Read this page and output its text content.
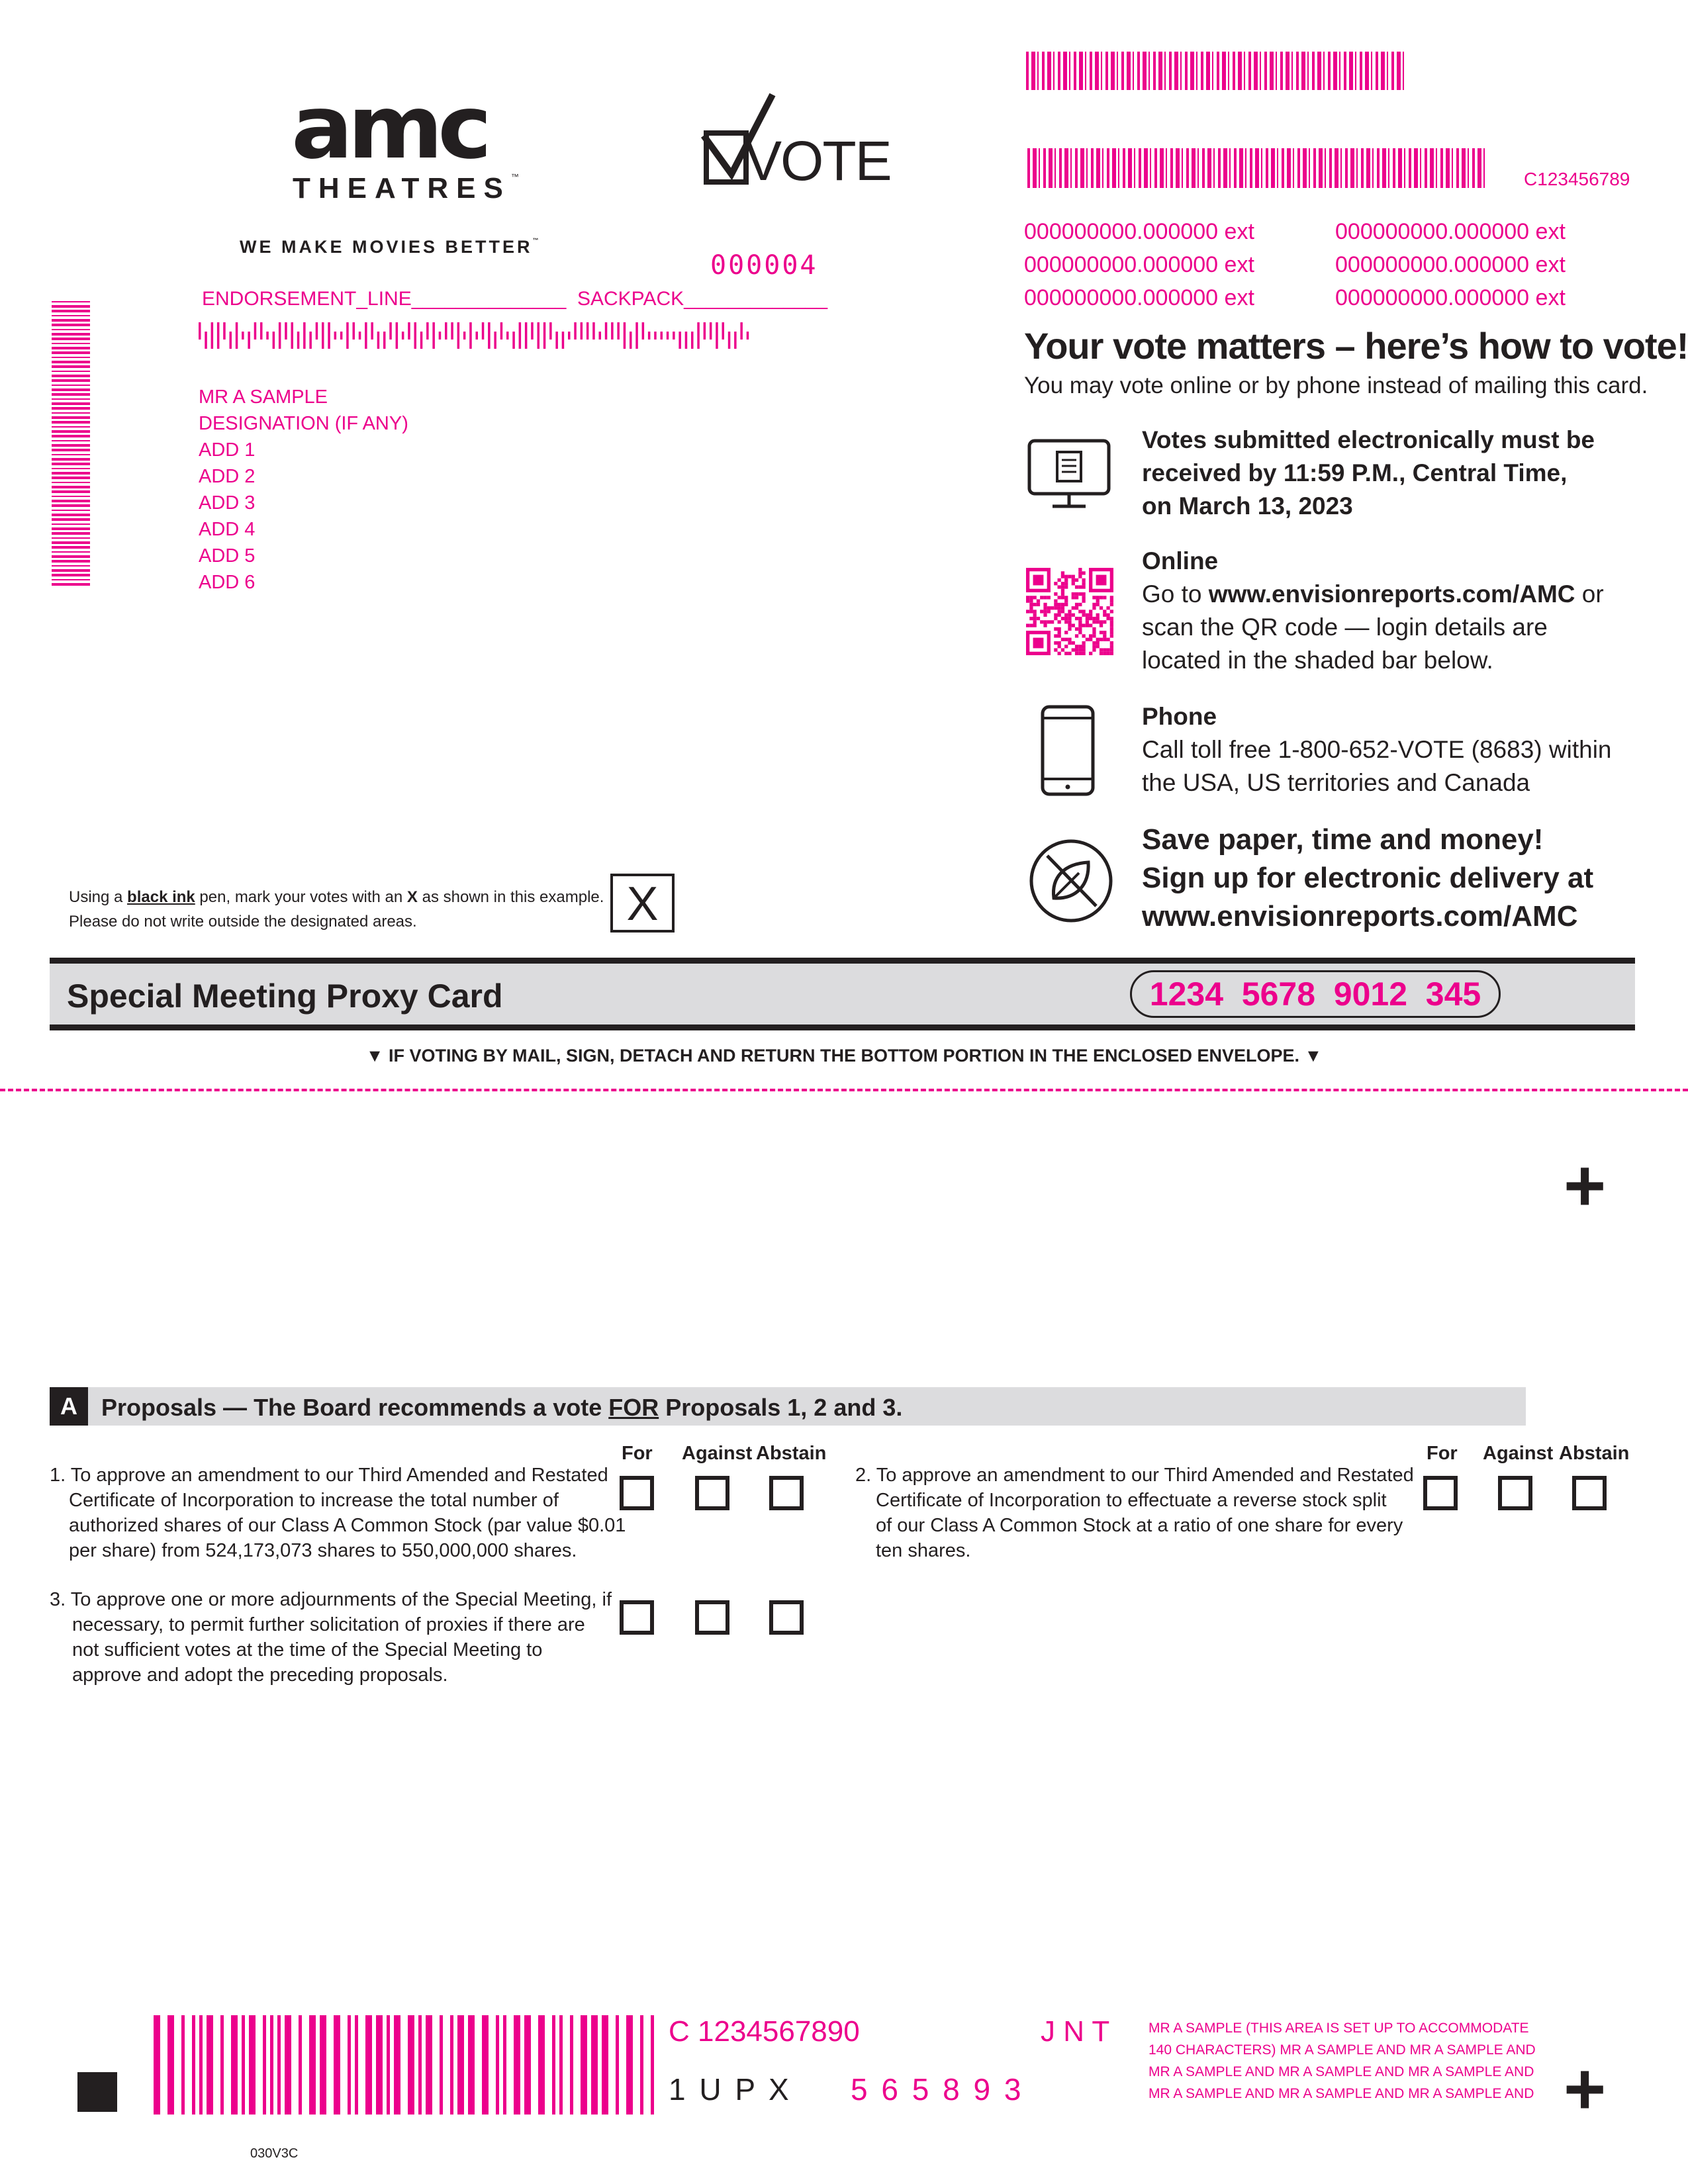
amc
THEATRES™
WE MAKE MOVIES BETTER™
VOTE
000004
ENDORSEMENT_LINE______________  SACKPACK_____________
MR A SAMPLE
DESIGNATION (IF ANY)
ADD 1
ADD 2
ADD 3
ADD 4
ADD 5
ADD 6
C123456789
000000000.000000 ext
000000000.000000 ext
000000000.000000 ext
000000000.000000 ext
000000000.000000 ext
000000000.000000 ext
Your vote matters – here’s how to vote!
You may vote online or by phone instead of mailing this card.
Votes submitted electronically must be
received by 11:59 P.M., Central Time,
on March 13, 2023
Online
Go to www.envisionreports.com/AMC or
scan the QR code — login details are
located in the shaded bar below.
Phone
Call toll free 1-800-652-VOTE (8683) within
the USA, US territories and Canada
Save paper, time and money!
Sign up for electronic delivery at
www.envisionreports.com/AMC
Using a black ink pen, mark your votes with an X as shown in this example.
Please do not write outside the designated areas.	X
Special Meeting Proxy Card	1234  5678  9012  345
▼ IF VOTING BY MAIL, SIGN, DETACH AND RETURN THE BOTTOM PORTION IN THE ENCLOSED ENVELOPE. ▼
+
A	Proposals — The Board recommends a vote FOR Proposals 1, 2 and 3.
For Against Abstain	For Against Abstain
1. To approve an amendment to our Third Amended and Restated
Certificate of Incorporation to increase the total number of
authorized shares of our Class A Common Stock (par value $0.01
per share) from 524,173,073 shares to 550,000,000 shares.
2. To approve an amendment to our Third Amended and Restated
Certificate of Incorporation to effectuate a reverse stock split
of our Class A Common Stock at a ratio of one share for every
ten shares.
3. To approve one or more adjournments of the Special Meeting, if
necessary, to permit further solicitation of proxies if there are
not sufficient votes at the time of the Special Meeting to
approve and adopt the preceding proposals.
C 1234567890	J N T
1 U P X 5 6 5 8 9 3
MR A SAMPLE (THIS AREA IS SET UP TO ACCOMMODATE
140 CHARACTERS) MR A SAMPLE AND MR A SAMPLE AND
MR A SAMPLE AND MR A SAMPLE AND MR A SAMPLE AND
MR A SAMPLE AND MR A SAMPLE AND MR A SAMPLE AND +
030V3C
